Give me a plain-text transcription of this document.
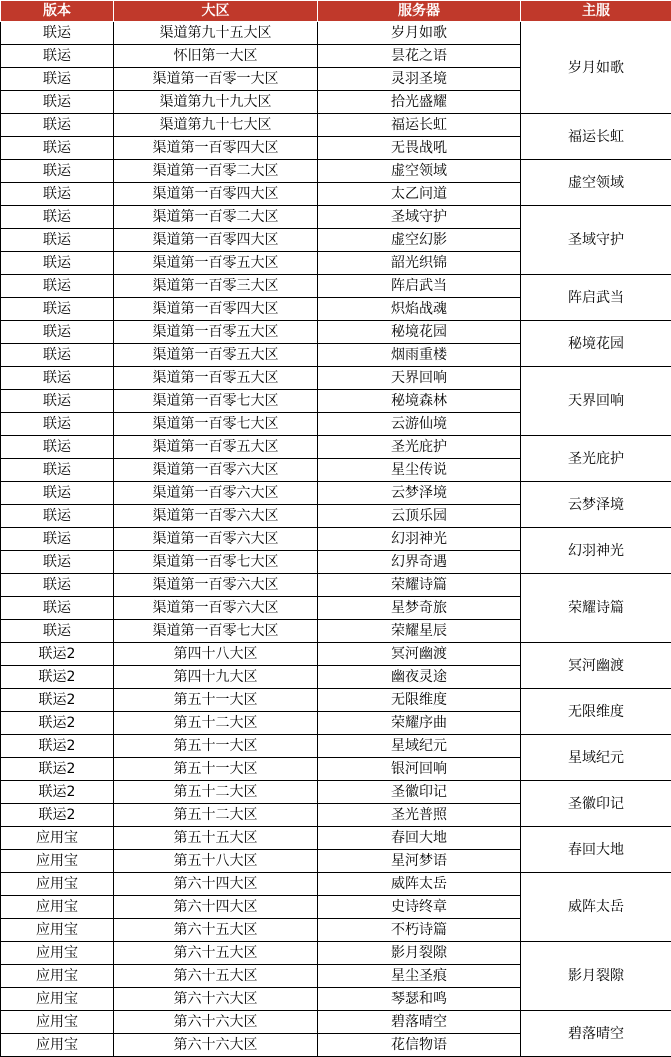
版本	大区	服务器	主服
联运	渠道第九十五大区	岁月如歌	岁月如歌
联运	怀旧第一大区	昙花之语	
联运	渠道第一百零一大区	灵羽圣境	
联运	渠道第九十九大区	拾光盛耀	
联运	渠道第九十七大区	福运长虹	福运长虹
联运	渠道第一百零四大区	无畏战吼	
联运	渠道第一百零二大区	虚空领域	虚空领域
联运	渠道第一百零四大区	太乙问道	
联运	渠道第一百零二大区	圣域守护	圣域守护
联运	渠道第一百零四大区	虚空幻影	
联运	渠道第一百零五大区	韶光织锦	
联运	渠道第一百零三大区	阵启武当	阵启武当
联运	渠道第一百零四大区	炽焰战魂	
联运	渠道第一百零五大区	秘境花园	秘境花园
联运	渠道第一百零五大区	烟雨重楼	
联运	渠道第一百零五大区	天界回响	天界回响
联运	渠道第一百零七大区	秘境森林	
联运	渠道第一百零七大区	云游仙境	
联运	渠道第一百零五大区	圣光庇护	圣光庇护
联运	渠道第一百零六大区	星尘传说	
联运	渠道第一百零六大区	云梦泽境	云梦泽境
联运	渠道第一百零六大区	云顶乐园	
联运	渠道第一百零六大区	幻羽神光	幻羽神光
联运	渠道第一百零七大区	幻界奇遇	
联运	渠道第一百零六大区	荣耀诗篇	荣耀诗篇
联运	渠道第一百零六大区	星梦奇旅	
联运	渠道第一百零七大区	荣耀星辰	
联运2	第四十八大区	冥河幽渡	冥河幽渡
联运2	第四十九大区	幽夜灵途	
联运2	第五十一大区	无限维度	无限维度
联运2	第五十二大区	荣耀序曲	
联运2	第五十一大区	星域纪元	星域纪元
联运2	第五十一大区	银河回响	
联运2	第五十二大区	圣徽印记	圣徽印记
联运2	第五十二大区	圣光普照	
应用宝	第五十五大区	春回大地	春回大地
应用宝	第五十八大区	星河梦语	
应用宝	第六十四大区	威阵太岳	威阵太岳
应用宝	第六十四大区	史诗终章	
应用宝	第六十五大区	不朽诗篇	
应用宝	第六十五大区	影月裂隙	影月裂隙
应用宝	第六十五大区	星尘圣痕	
应用宝	第六十六大区	琴瑟和鸣	
应用宝	第六十六大区	碧落晴空	碧落晴空
应用宝	第六十六大区	花信物语	
